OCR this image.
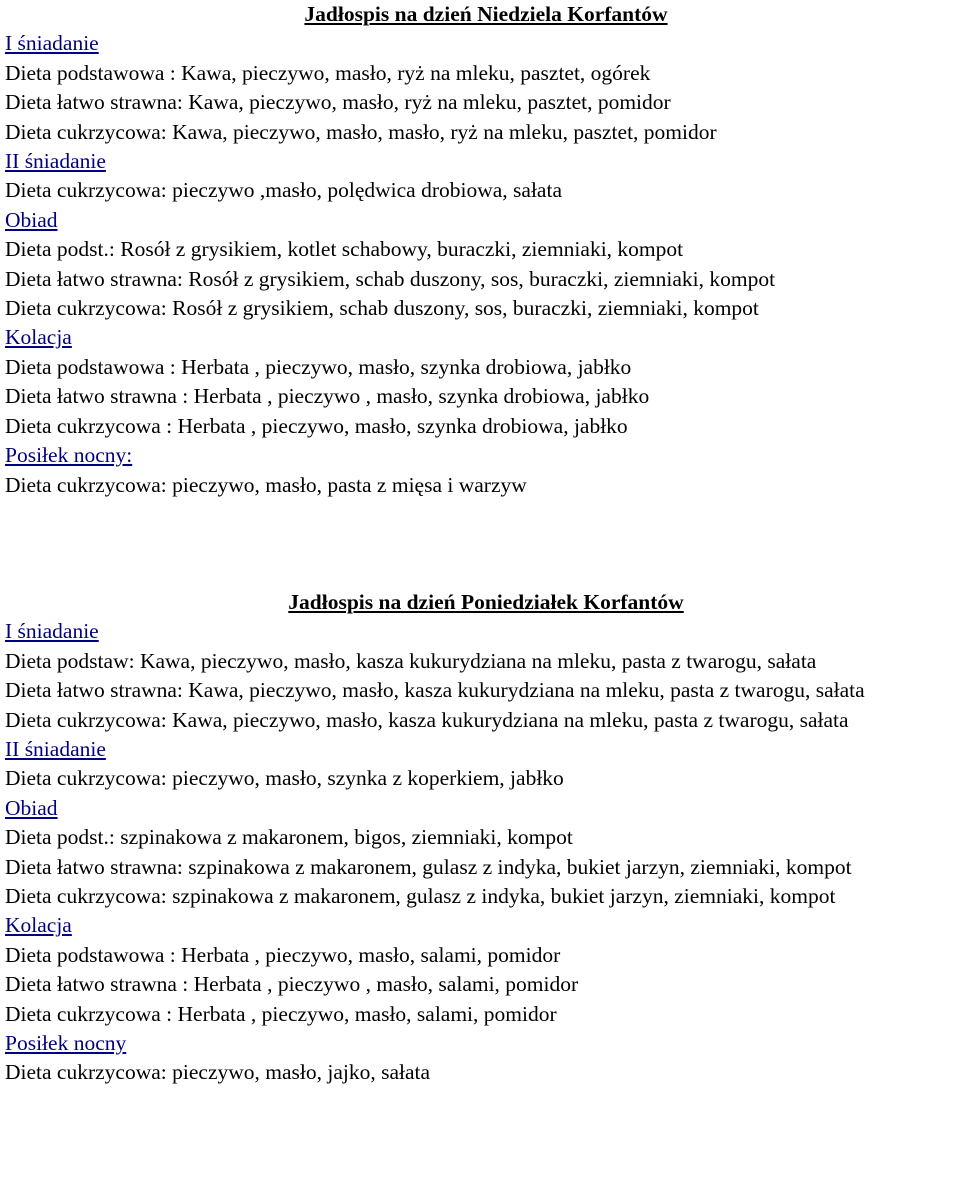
Jadłospis na dzień Niedziela Korfantów

I śniadanie

Dieta podstawowa : Kawa, pieczywo, masło, ryż na mleku, pasztet, ogórek

Dieta łatwo strawna: Kawa, pieczywo, masło, ryż na mleku, pasztet, pomidor

Dieta cukrzycowa: Kawa, pieczywo, masło, masło, ryż na mleku, pasztet, pomidor

II śniadanie

Dieta cukrzycowa: pieczywo ,masło, polędwica drobiowa, sałata

Obiad

Dieta podst.: Rosół z grysikiem, kotlet schabowy, buraczki, ziemniaki, kompot

Dieta łatwo strawna: Rosół z grysikiem, schab duszony, sos, buraczki, ziemniaki, kompot

Dieta cukrzycowa: Rosół z grysikiem, schab duszony, sos, buraczki, ziemniaki, kompot

Kolacja

Dieta podstawowa : Herbata , pieczywo, masło, szynka drobiowa, jabłko

Dieta łatwo strawna : Herbata , pieczywo , masło, szynka drobiowa, jabłko

Dieta cukrzycowa : Herbata , pieczywo, masło, szynka drobiowa, jabłko

Posiłek nocny:

Dieta cukrzycowa: pieczywo, masło, pasta z mięsa i warzyw

Jadłospis na dzień Poniedziałek Korfantów

I śniadanie

Dieta podstaw: Kawa, pieczywo, masło, kasza kukurydziana na mleku, pasta z twarogu, sałata

Dieta łatwo strawna: Kawa, pieczywo, masło, kasza kukurydziana na mleku, pasta z twarogu, sałata

Dieta cukrzycowa: Kawa, pieczywo, masło, kasza kukurydziana na mleku, pasta z twarogu, sałata

II śniadanie

Dieta cukrzycowa: pieczywo, masło, szynka z koperkiem, jabłko

Obiad

Dieta podst.: szpinakowa z makaronem, bigos, ziemniaki, kompot

Dieta łatwo strawna: szpinakowa z makaronem, gulasz z indyka, bukiet jarzyn, ziemniaki, kompot

Dieta cukrzycowa: szpinakowa z makaronem, gulasz z indyka, bukiet jarzyn, ziemniaki, kompot

Kolacja

Dieta podstawowa : Herbata , pieczywo, masło, salami, pomidor

Dieta łatwo strawna : Herbata , pieczywo , masło, salami, pomidor

Dieta cukrzycowa : Herbata , pieczywo, masło, salami, pomidor

Posiłek nocny

Dieta cukrzycowa: pieczywo, masło, jajko, sałata
